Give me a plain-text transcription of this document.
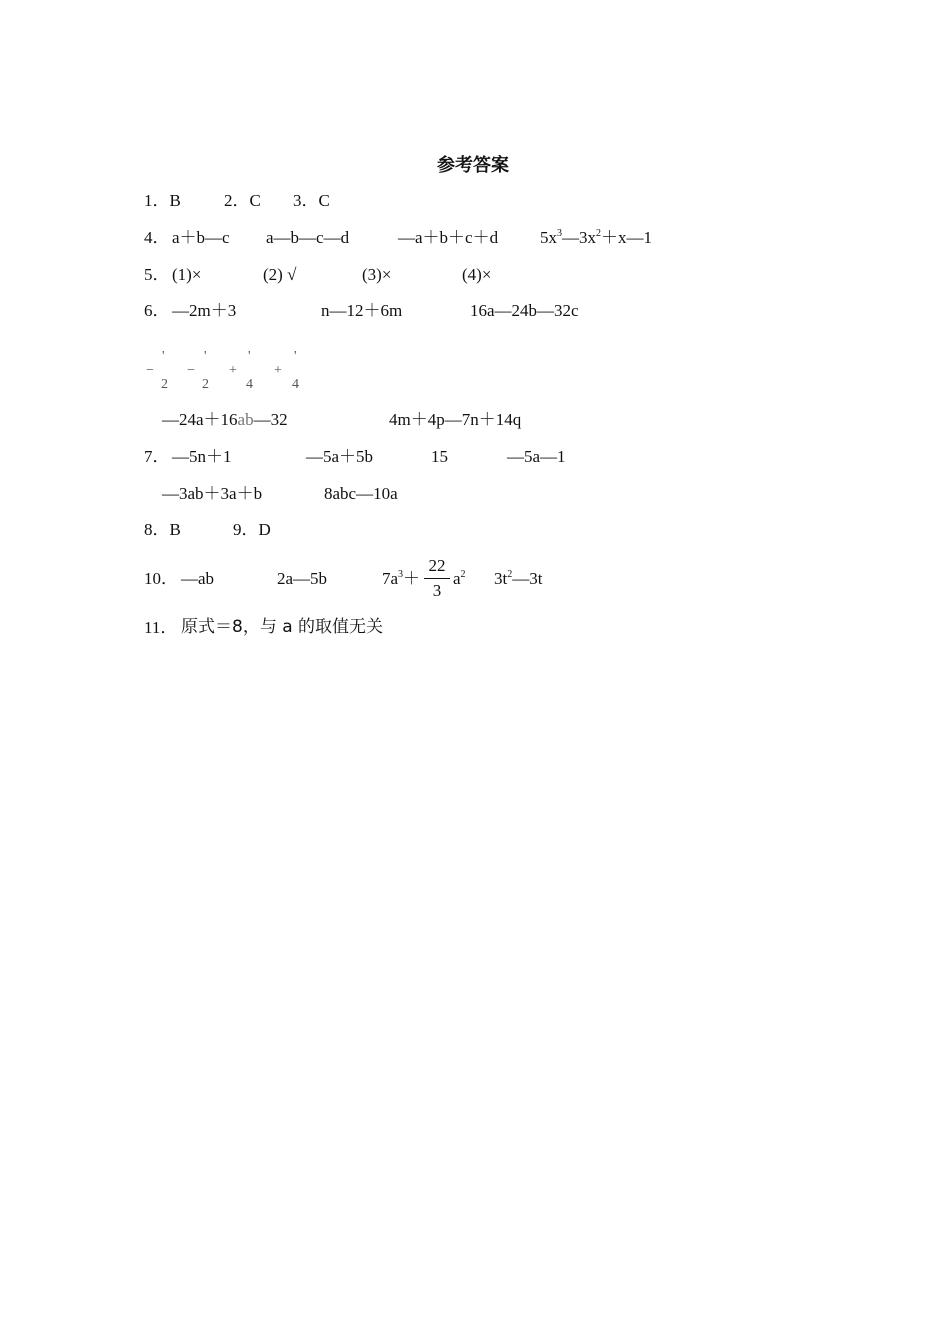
参考答案
1．B	2．C 3．C
4． a＋b—c a—b—c—d	—a＋b＋c＋d $5x^3—3x^2+x—1$
5． (1)×	(2) √	(3)×	(4)×
6． —2m＋3	n—12＋6m	16a—24b—32c
−
'
2
−
'
2
+
'
4
+
'
4
—24a＋16ab—32	4m＋4p—7n＋14q
7． —5n＋1	—5a＋5b	15	—5a—1
—3ab＋3a＋b	8abc—10a
8．B	9．D
10． —ab	2a—5b	$7a^3+$
22
3
$a^2$ $3t^2—3t$
11． 原式＝8，与 a 的取值无关
